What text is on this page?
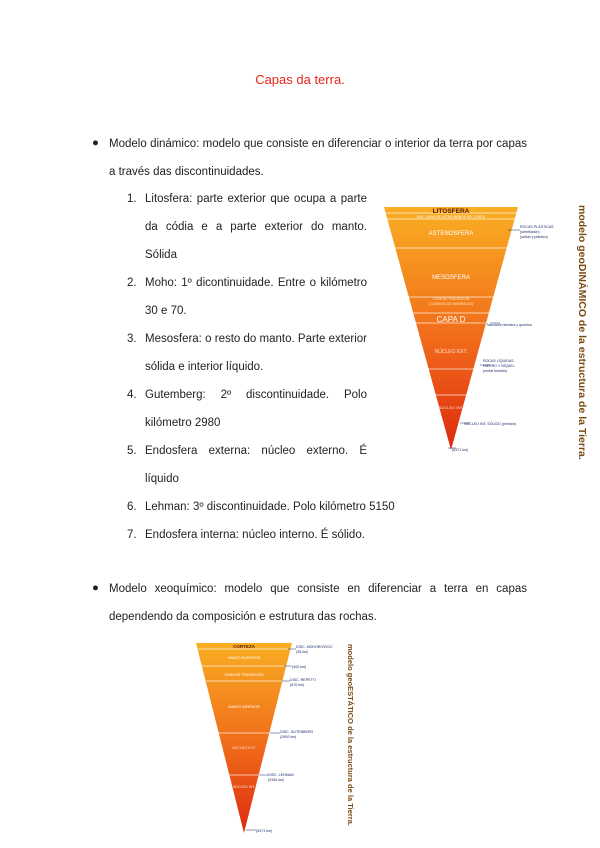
Capas da terra.
● Modelo dinámico: modelo que consiste en diferenciar o interior da terra por capas a través das discontinuidades.
1. Litosfera: parte exterior que ocupa a parte da códia e a parte exterior do manto. Sólida
2. Moho: 1º dicontinuidade. Entre o kilómetro 30 e 70.
3. Mesosfera: o resto do manto. Parte exterior sólida e interior líquido.
4. Gutemberg: 2º discontinuidade. Polo kilómetro 2980
5. Endosfera externa: núcleo externo. É líquido
6. Lehman: 3º discontinuidade. Polo kilómetro 5150
7. Endosfera interna: núcleo interno. É sólido.
LITOSFERA
DISC. NEMA DE ASTEN./MEMOR DEL CONTE
ASTENOSFERA
MESOSFERA
ZONA DE TRANSICIÓN
(CAMBIOS DE MINERALES)
CAPA D
NÚCLEO EXT.
NÚCLEO INT.
ROCAS PLÁSTICAS
(semifusión)
(sólido y plástico)
Transición térmica y química
ROCAS LÍQUIDAS
HIERRO Y NÍQUEL
(metal fundido)
NÚCLEO INT. SÓLIDO (presión)
(6371 km)	modelo geoDINÁMICO de la estructura de la Tierra.
● Modelo xeoquímico: modelo que consiste en diferenciar a terra en capas dependendo da composición e estrutura das rochas.
CORTEZA
MANTO SUPERIOR
ZONA DE TRANSICIÓN
MANTO INFERIOR
NÚCLEO EXT.
NÚCLEO INT.
DISC. MOHOROVICIC
(35 km)
(400 km)
DISC. REPETTI
(670 km)
DISC. GUTENBERG
(2900 km)
DISC. LEHMAN
(5150 km)
(6371 km)
modelo geoESTÁTICO de la estructura de la Tierra.
